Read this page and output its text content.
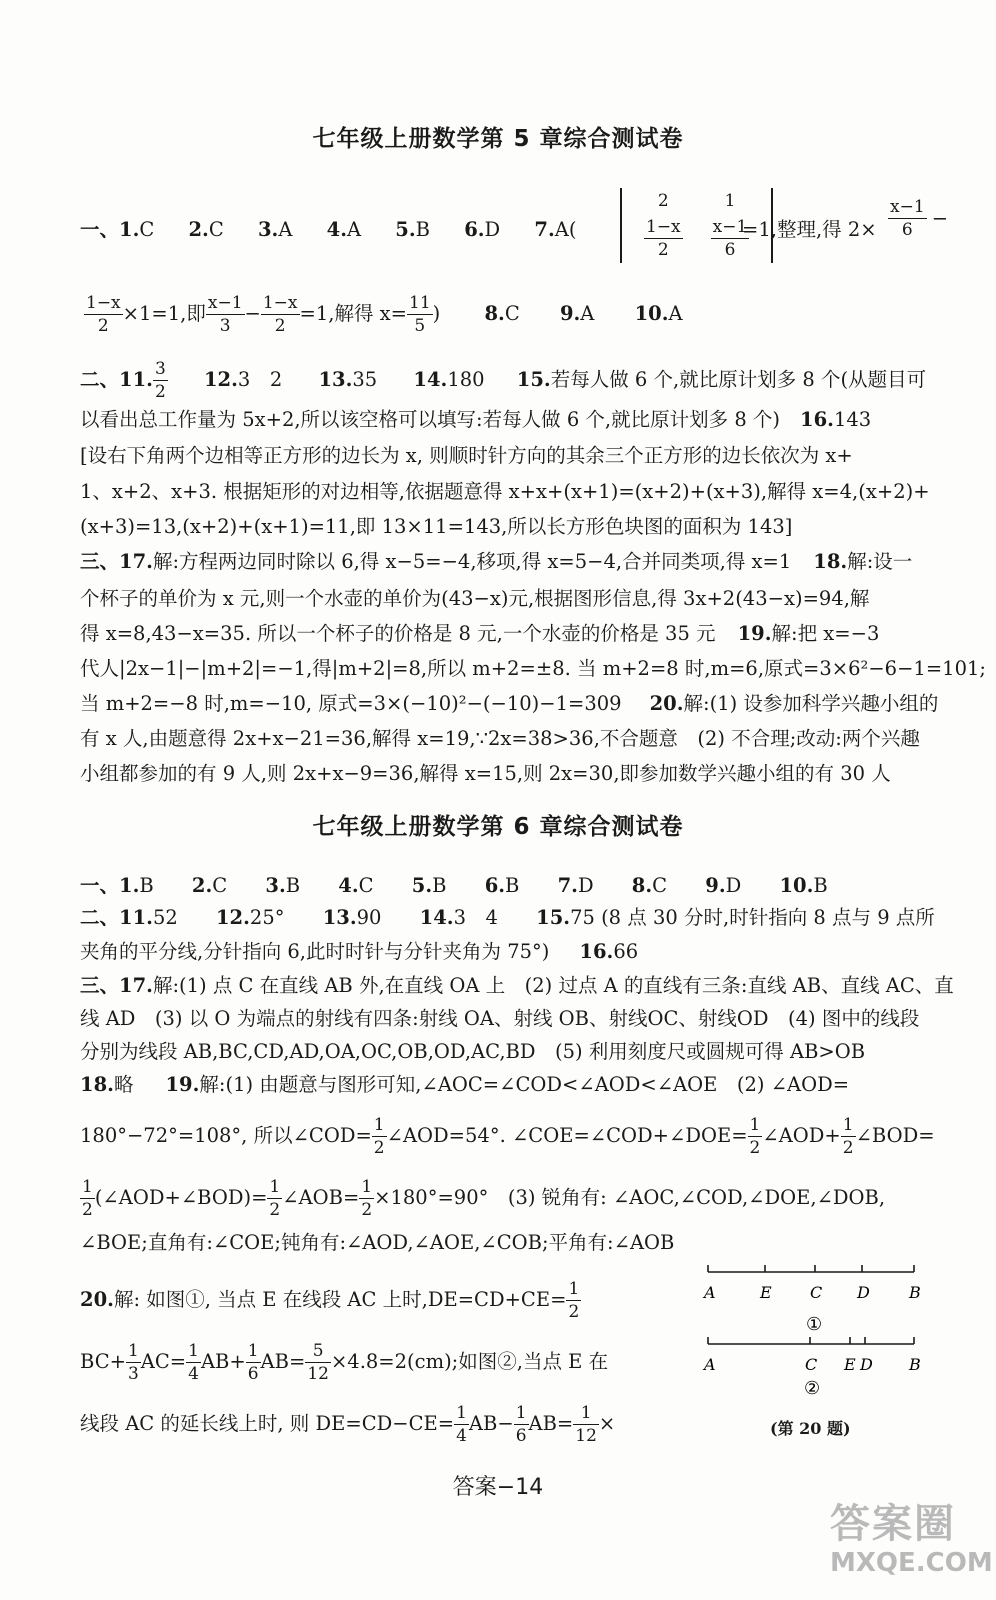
七年级上册数学第 5 章综合测试卷
一、1.C 2.C 3.A 4.A 5.B 6.D 7.A(
2	1

$\frac{1-x}{2}$	$\frac{x-1}{6}$
=1,整理,得 $2\times \frac{x-1}{6}$ −
$\frac{1-x}{2} \times 1=1$,即 $\frac{x-1}{3} - \frac{1-x}{2} =1$,解得 $x= \frac{11}{5}$ ) 8.C 9.A 10.A
二、11. $\frac{3}{2} 12.3$　2 13.35 14.180 15.若每人做 6 个,就比原计划多 8 个(从题目可
以看出总工作量为 5x+2,所以该空格可以填写:若每人做 6 个,就比原计划多 8 个) 16.143
[设右下角两个边相等正方形的边长为 x, 则顺时针方向的其余三个正方形的边长依次为 x+
1、x+2、x+3. 根据矩形的对边相等,依据题意得 x+x+(x+1)=(x+2)+(x+3),解得 x=4,(x+2)+
(x+3)=13,(x+2)+(x+1)=11,即 13×11=143,所以长方形色块图的面积为 143]
三、17.解:方程两边同时除以 6,得 x−5=−4,移项,得 x=5−4,合并同类项,得 x=1 18.解:设一
个杯子的单价为 x 元,则一个水壶的单价为(43−x)元,根据图形信息,得 3x+2(43−x)=94,解
得 x=8,43−x=35. 所以一个杯子的价格是 8 元,一个水壶的价格是 35 元 19.解:把 x=−3
代人|2x−1|−|m+2|=−1,得|m+2|=8,所以 m+2=±8. 当 m+2=8 时,m=6,原式=3×6²−6−1=101;
当 m+2=−8 时,m=−10, 原式=3×(−10)²−(−10)−1=309 20.解:(1) 设参加科学兴趣小组的
有 x 人,由题意得 2x+x−21=36,解得 x=19,∵2x=38>36,不合题意　(2) 不合理;改动:两个兴趣
小组都参加的有 9 人,则 2x+x−9=36,解得 x=15,则 2x=30,即参加数学兴趣小组的有 30 人
七年级上册数学第 6 章综合测试卷
一、1.B 2.C 3.B 4.C 5.B 6.B 7.D 8.C 9.D 10.B
二、11.52 12.25° 13.90 14.3　4 15.75 (8 点 30 分时,时针指向 8 点与 9 点所
夹角的平分线,分针指向 6,此时时针与分针夹角为 75°) 16.66
三、17.解:(1) 点 C 在直线 AB 外,在直线 OA 上　(2) 过点 A 的直线有三条:直线 AB、直线 AC、直
线 AD　(3) 以 O 为端点的射线有四条:射线 OA、射线 OB、射线OC、射线OD　(4) 图中的线段
分别为线段 AB,BC,CD,AD,OA,OC,OB,OD,AC,BD　(5) 利用刻度尺或圆规可得 AB>OB
18.略 19.解:(1) 由题意与图形可知,∠AOC=∠COD<∠AOD<∠AOE　(2) ∠AOD=
180°−72°=108°, 所以∠COD= $\frac{1}{2}$ ∠AOD=54°. ∠COE=∠COD+∠DOE= $\frac{1}{2}$ ∠AOD+ $\frac{1}{2}$ ∠BOD=
$\frac{1}{2}$ (∠AOD+∠BOD)= $\frac{1}{2}$ ∠AOB= $\frac{1}{2} \times 180^\circ=90^\circ$　(3) 锐角有: ∠AOC,∠COD,∠DOE,∠DOB,
∠BOE;直角有:∠COE;钝角有:∠AOD,∠AOE,∠COB;平角有:∠AOB
20.解: 如图①, 当点 E 在线段 AC 上时$,DE=CD+CE= \frac{1}{2}$
$BC+ \frac{1}{3} AC= \frac{1}{4} AB+ \frac{1}{6} AB= \frac{5}{12} \times 4.8=2(cm)$;如图②,当点 E 在
线段 AC 的延长线上时, 则 $DE=CD-CE= \frac{1}{4} AB- \frac{1}{6} AB= \frac{1}{12}$ ×
A	E C D B
①
A	C E D B
②
(第 20 题)
答案−14
答案圈
MXQE.COM
